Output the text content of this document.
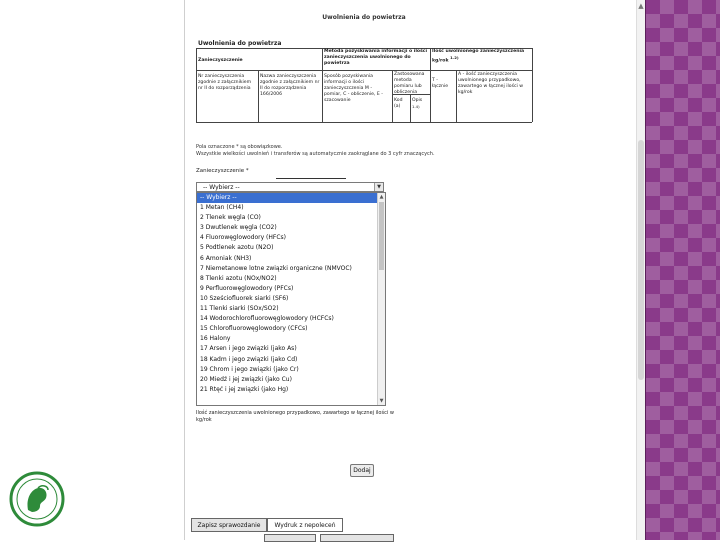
▲
Uwolnienia do powietrza
Uwolnienia do powietrza
Zanieczyszczenie
Metoda pozyskiwania informacji o ilości zanieczyszczenia uwolnionego do powietrza
Ilość uwolnionego zanieczyszczenia kg/rok $^{1.2)}$
Nr zanieczyszczenia zgodnie z załącznikiem nr II do rozporządzenia
Nazwa zanieczyszczenia zgodnie z załącznikiem nr II do rozporządzenia 166/2006
Sposób pozyskiwania informacji o ilości zanieczyszczenia M - pomiar, C - obliczenie, E - szacowanie
Zastosowana metoda pomiaru lub obliczenia
Kod (a)
Opis $^{1.4)}$
T - łącznie
A - ilość zanieczyszczenia uwolnionego przypadkowo, zawartego w łącznej ilości w kg/rok
Pola oznaczone * są obowiązkowe.
Wszystkie wielkości uwolnień i transferów są automatycznie zaokrąglane do 3 cyfr znaczących.
Zanieczyszczenie *
-- Wybierz --	▼
-- Wybierz --
1 Metan (CH4)
2 Tlenek węgla (CO)
3 Dwutlenek węgla (CO2)
4 Fluorowęglowodory (HFCs)
5 Podtlenek azotu (N2O)
6 Amoniak (NH3)
7 Niemetanowe lotne związki organiczne (NMVOC)
8 Tlenki azotu (NOx/NO2)
9 Perfluorowęglowodory (PFCs)
10 Sześciofluorek siarki (SF6)
11 Tlenki siarki (SOx/SO2)
14 Wodorochlorofluorowęglowodory (HCFCs)
15 Chlorofluorowęglowodory (CFCs)
16 Halony
17 Arsen i jego związki (jako As)
18 Kadm i jego związki (jako Cd)
19 Chrom i jego związki (jako Cr)
20 Miedź i jej związki (jako Cu)
21 Rtęć i jej związki (jako Hg)
▲
▼
Ilość zanieczyszczenia uwolnionego przypadkowo, zawartego w łącznej ilości w kg/rok
Dodaj
Zapisz sprawozdanie	Wydruk z nepoleceń
